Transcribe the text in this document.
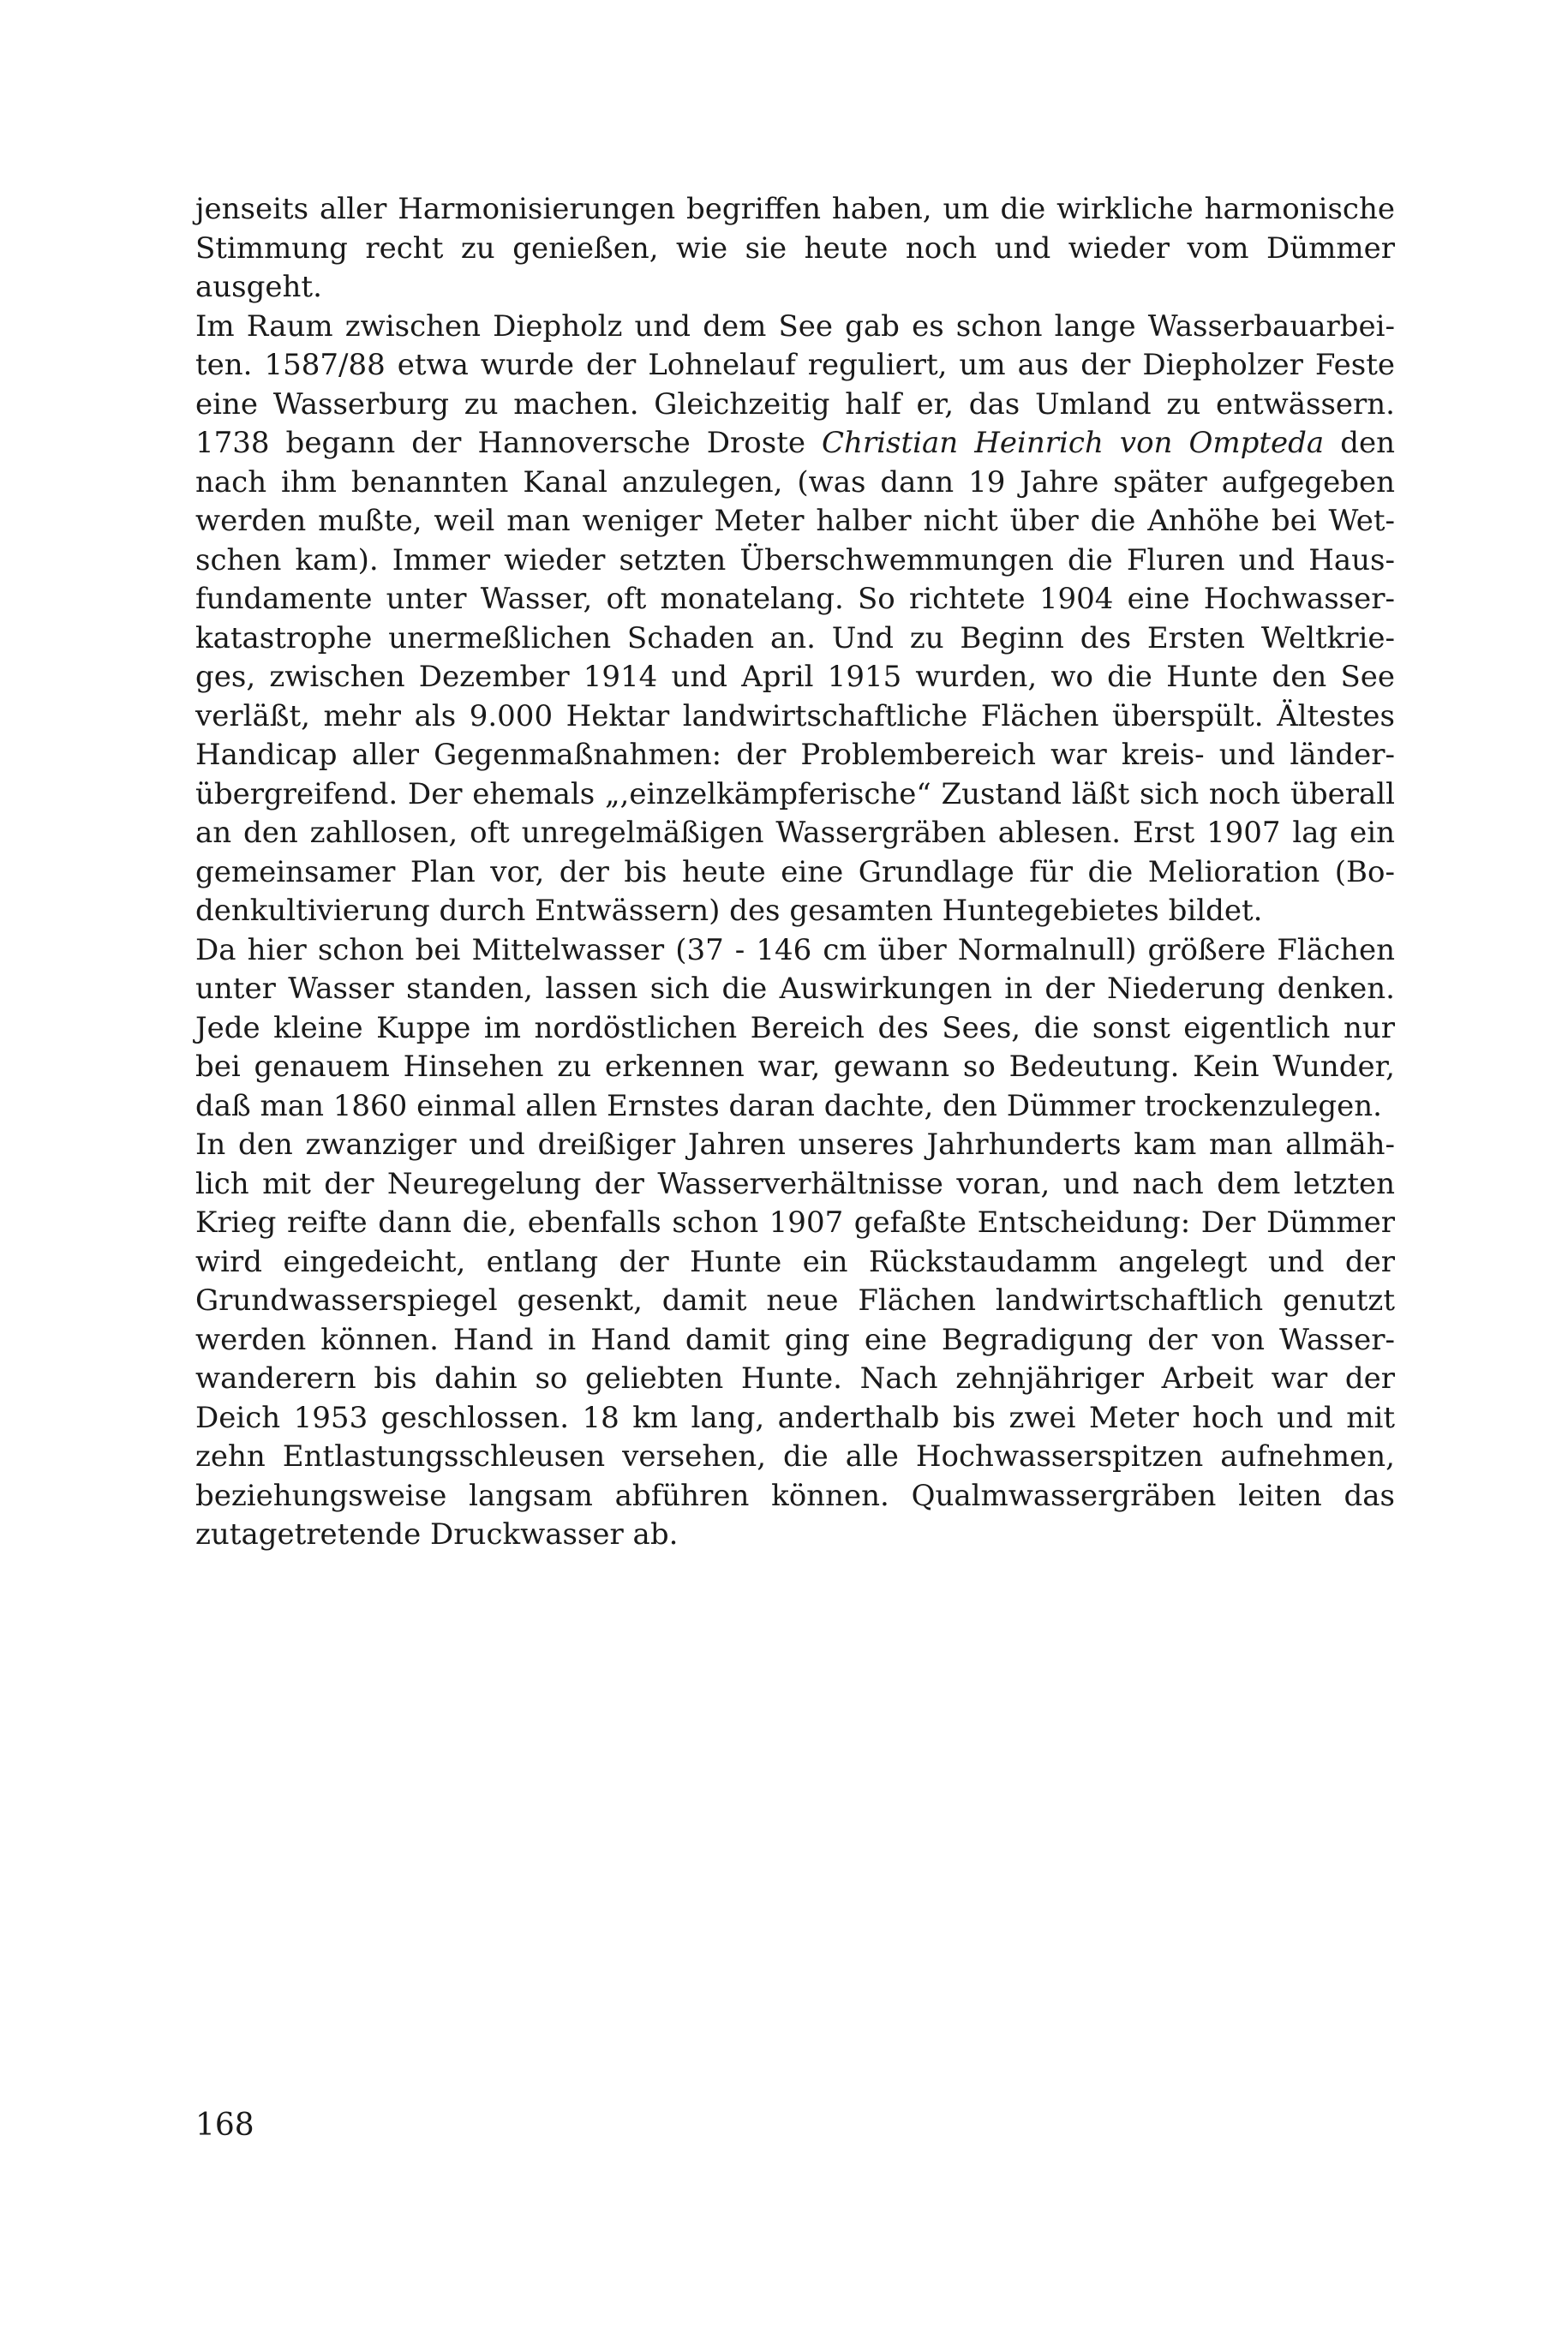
jenseits aller Harmonisierungen begriffen haben, um die wirkliche harmonische
Stimmung recht zu genießen, wie sie heute noch und wieder vom Dümmer
ausgeht.

Im Raum zwischen Diepholz und dem See gab es schon lange Wasserbauarbei-
ten. 1587/88 etwa wurde der Lohnelauf reguliert, um aus der Diepholzer Feste
eine Wasserburg zu machen. Gleichzeitig half er, das Umland zu entwässern.
1738 begann der Hannoversche Droste Christian Heinrich von Ompteda den
nach ihm benannten Kanal anzulegen, (was dann 19 Jahre später aufgegeben
werden mußte, weil man weniger Meter halber nicht über die Anhöhe bei Wet-
schen kam). Immer wieder setzten Überschwemmungen die Fluren und Haus-
fundamente unter Wasser, oft monatelang. So richtete 1904 eine Hochwasser-
katastrophe unermeßlichen Schaden an. Und zu Beginn des Ersten Weltkrie-
ges, zwischen Dezember 1914 und April 1915 wurden, wo die Hunte den See
verläßt, mehr als 9.000 Hektar landwirtschaftliche Flächen überspült. Ältestes
Handicap aller Gegenmaßnahmen: der Problembereich war kreis- und länder-
übergreifend. Der ehemals „,einzelkämpferische“ Zustand läßt sich noch überall
an den zahllosen, oft unregelmäßigen Wassergräben ablesen. Erst 1907 lag ein
gemeinsamer Plan vor, der bis heute eine Grundlage für die Melioration (Bo-
denkultivierung durch Entwässern) des gesamten Huntegebietes bildet.

Da hier schon bei Mittelwasser (37 - 146 cm über Normalnull) größere Flächen
unter Wasser standen, lassen sich die Auswirkungen in der Niederung denken.
Jede kleine Kuppe im nordöstlichen Bereich des Sees, die sonst eigentlich nur
bei genauem Hinsehen zu erkennen war, gewann so Bedeutung. Kein Wunder,
daß man 1860 einmal allen Ernstes daran dachte, den Dümmer trockenzulegen.

In den zwanziger und dreißiger Jahren unseres Jahrhunderts kam man allmäh-
lich mit der Neuregelung der Wasserverhältnisse voran, und nach dem letzten
Krieg reifte dann die, ebenfalls schon 1907 gefaßte Entscheidung: Der Dümmer
wird eingedeicht, entlang der Hunte ein Rückstaudamm angelegt und der
Grundwasserspiegel gesenkt, damit neue Flächen landwirtschaftlich genutzt
werden können. Hand in Hand damit ging eine Begradigung der von Wasser-
wanderern bis dahin so geliebten Hunte. Nach zehnjähriger Arbeit war der
Deich 1953 geschlossen. 18 km lang, anderthalb bis zwei Meter hoch und mit
zehn Entlastungsschleusen versehen, die alle Hochwasserspitzen aufnehmen,
beziehungsweise langsam abführen können. Qualmwassergräben leiten das
zutagetretende Druckwasser ab.

168
